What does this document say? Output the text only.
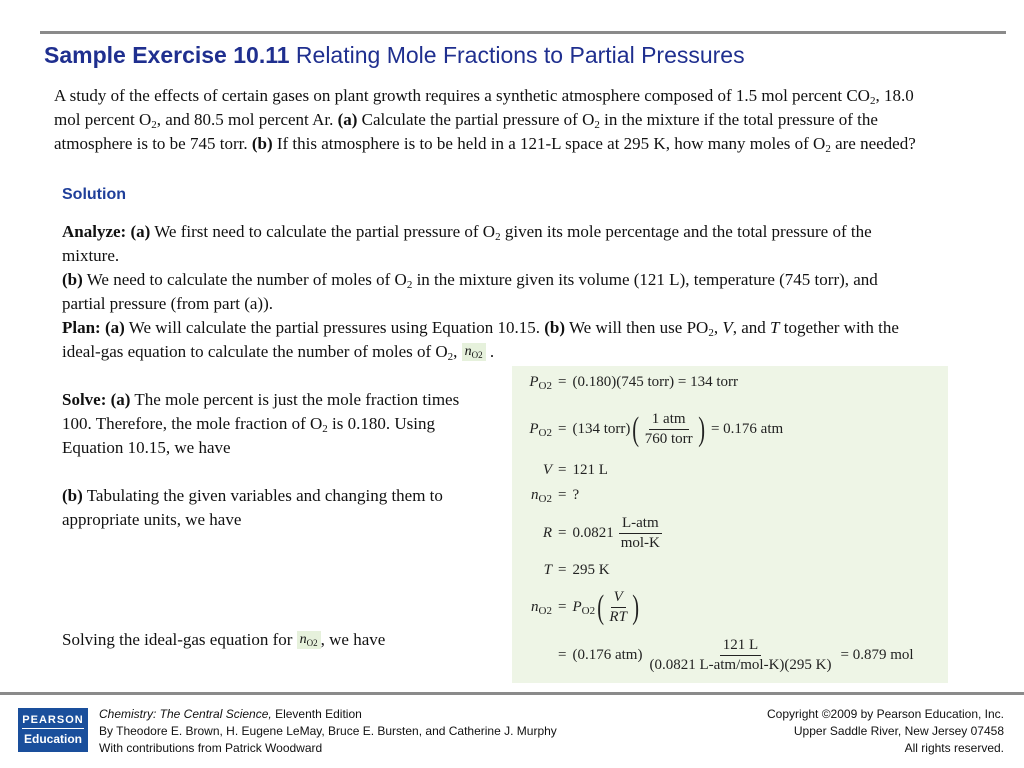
Sample Exercise 10.11 Relating Mole Fractions to Partial Pressures
A study of the effects of certain gases on plant growth requires a synthetic atmosphere composed of 1.5 mol percent $CO_2$, 18.0 mol percent $O_2$, and 80.5 mol percent Ar. (a) Calculate the partial pressure of $O_2$ in the mixture if the total pressure of the atmosphere is to be 745 torr. (b) If this atmosphere is to be held in a 121-L space at 295 K, how many moles of $O_2$ are needed?
Solution
Analyze: (a) We first need to calculate the partial pressure of $O_2$ given its mole percentage and the total pressure of the mixture.
(b) We need to calculate the number of moles of $O_2$ in the mixture given its volume (121 L), temperature (745 torr), and partial pressure (from part (a)).
Plan: (a) We will calculate the partial pressures using Equation 10.15. (b) We will then use $PO_2$, V, and T together with the ideal-gas equation to calculate the number of moles of $O_2$, $n_{O2}$ .
Solve: (a) The mole percent is just the mole fraction times 100. Therefore, the mole fraction of $O_2$ is 0.180. Using Equation 10.15, we have
(b) Tabulating the given variables and changing them to appropriate units, we have
Solving the ideal-gas equation for $n_{O2}$ , we have
$P_{O2} = (0.180)(745$ torr) = 134 torr
$P_{O2} = (134$ torr) ( $\frac{\text{1 atm}}{\text{760 torr}}$ ) = 0.176 atm
V = 121 L
$n_{O2}$ = ?
$R = 0.0821 \frac{\text{L-atm}}{\text{mol-K}}$
T = 295 K
$n_{O2} = P_{O2}$ ( $\frac{V}{RT}$ )
= (0.176 $atm) \frac{121 L}{\text{(0.0821 L-atm/mol-K)(295 K)}} = 0.879$ mol
PEARSON
Education
Chemistry: The Central Science, Eleventh Edition
By Theodore E. Brown, H. Eugene LeMay, Bruce E. Bursten, and Catherine J. Murphy
With contributions from Patrick Woodward
Copyright ©2009 by Pearson Education, Inc.
Upper Saddle River, New Jersey 07458
All rights reserved.
